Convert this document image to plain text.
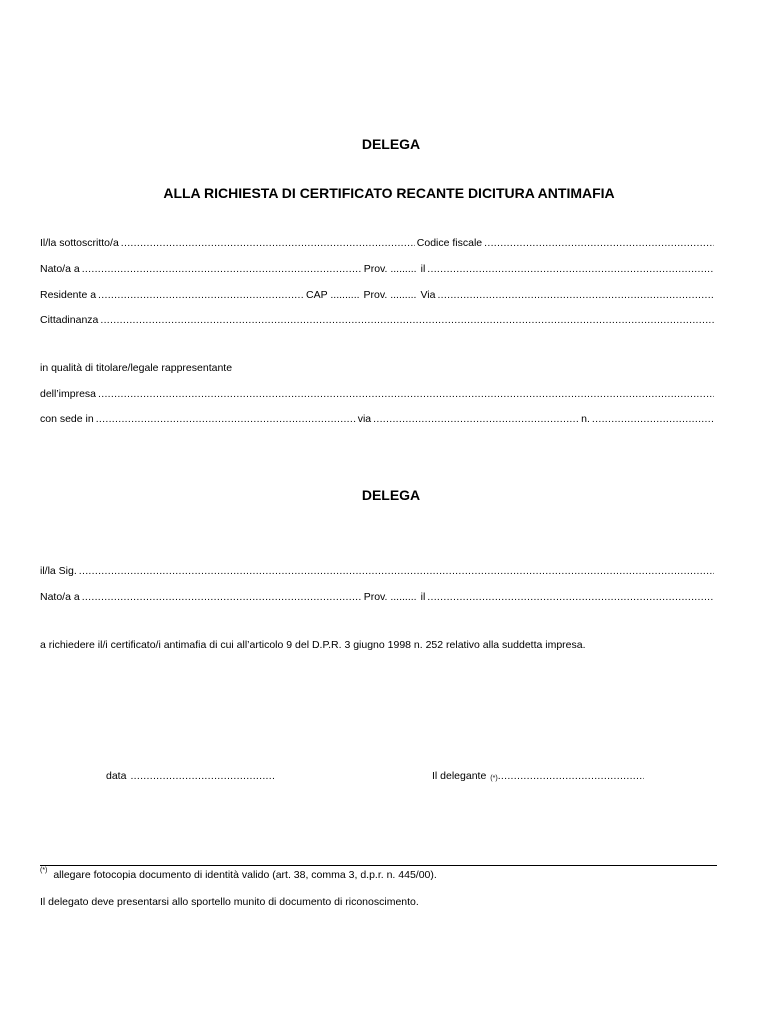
DELEGA
ALLA RICHIESTA DI CERTIFICATO RECANTE DICITURA ANTIMAFIA
Il/la sottoscritto/a .....	Codice fiscale
.....
Nato/a a .....	Prov. ......... il
.....
Residente a .....	CAP .......... Prov. ......... Via
.....
Cittadinanza
.....
in qualità di titolare/legale rappresentante
dell’impresa
.....
con sede in .....	via .....	n.
.....
DELEGA
il/la Sig.
.....
Nato/a a .....	Prov. ......... il
.....
a richiedere il/i certificato/i antimafia di cui all’articolo 9 del D.P.R. 3 giugno 1998 n. 252 relativo alla suddetta impresa.
data .....	Il delegante $_{(*)}$
.....
(*) allegare fotocopia documento di identità valido (art. 38, comma 3, d.p.r. n. 445/00).
Il delegato deve presentarsi allo sportello munito di documento di riconoscimento.
